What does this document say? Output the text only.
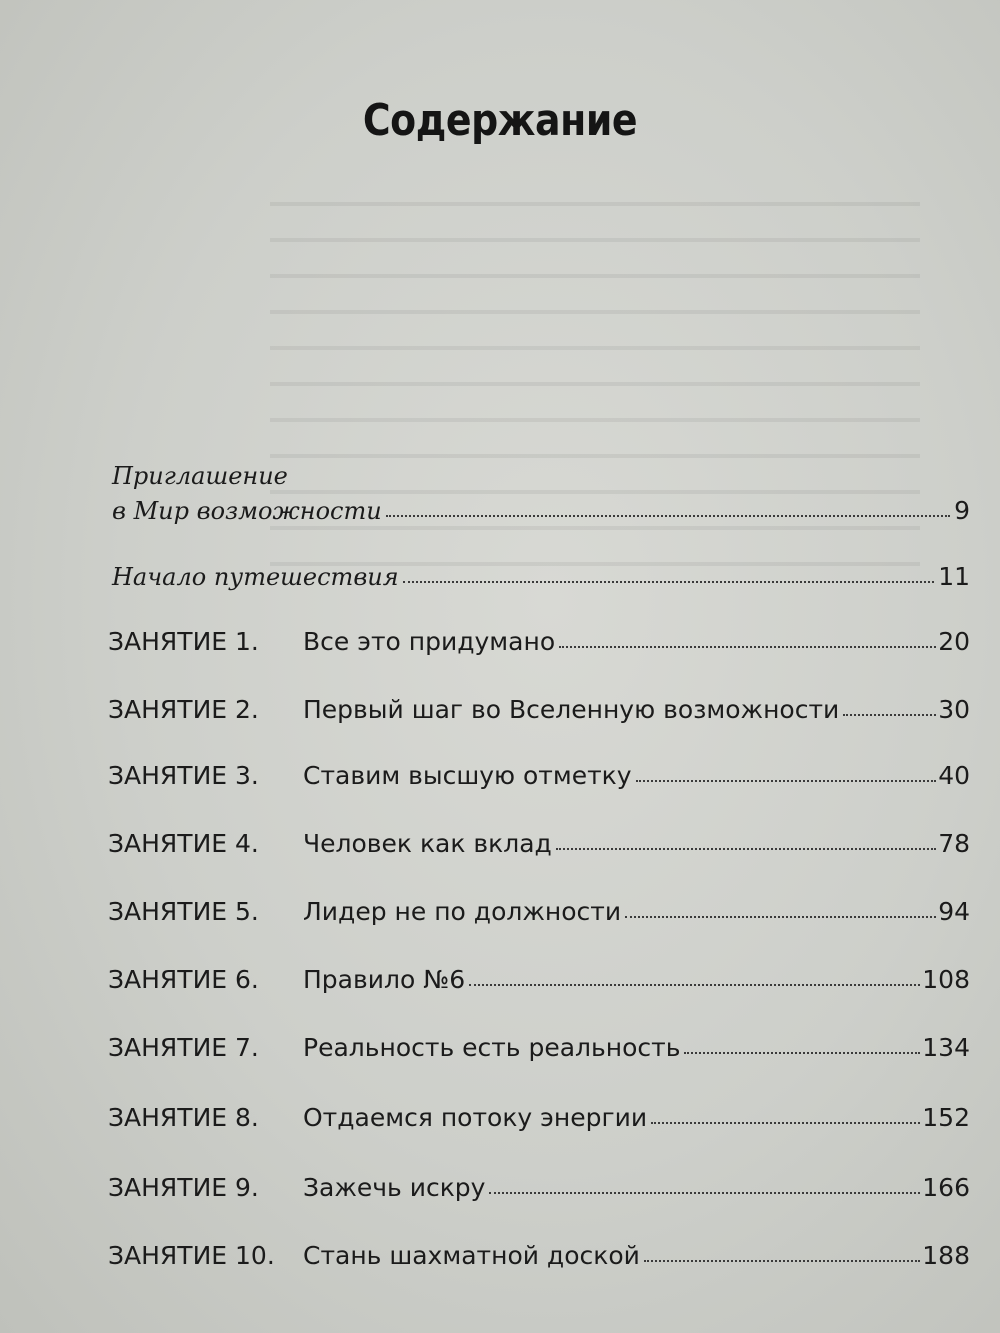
Содержание
Приглашение
в Мир возможности	9
Начало путешествия	11
ЗАНЯТИЕ 1. Все это придумано	20
ЗАНЯТИЕ 2. Первый шаг во Вселенную возможности	30
ЗАНЯТИЕ 3. Ставим высшую отметку	40
ЗАНЯТИЕ 4. Человек как вклад	78
ЗАНЯТИЕ 5. Лидер не по должности	94
ЗАНЯТИЕ 6. Правило №6	108
ЗАНЯТИЕ 7. Реальность есть реальность	134
ЗАНЯТИЕ 8. Отдаемся потоку энергии	152
ЗАНЯТИЕ 9. Зажечь искру	166
ЗАНЯТИЕ 10. Стань шахматной доской	188
